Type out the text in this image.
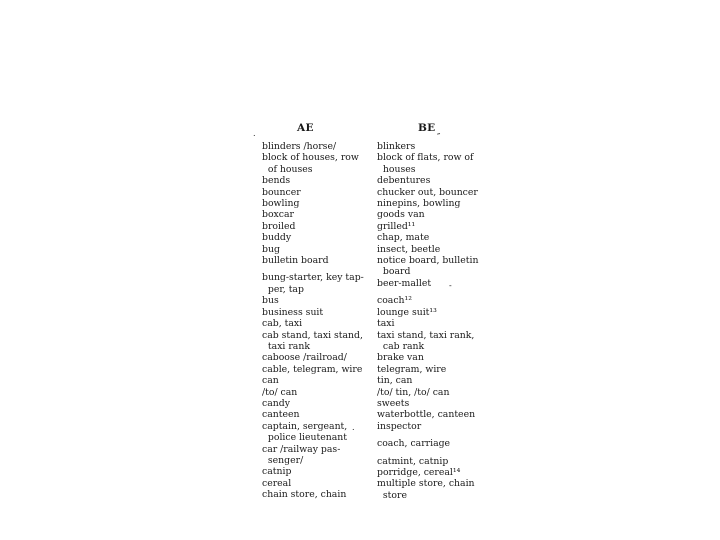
AE	BE
″
.
-
.
blinders /horse/
block of houses, row
of houses
bends
bouncer
bowling
boxcar
broiled
buddy
bug
bulletin board
bung-starter, key tap-
per, tap
bus
business suit
cab, taxi
cab stand, taxi stand,
taxi rank
caboose /railroad/
cable, telegram, wire
can
/to/ can
candy
canteen
captain, sergeant,
police lieutenant
car /railway pas-
senger/
catnip
cereal
chain store, chain
blinkers
block of flats, row of
houses
debentures
chucker out, bouncer
ninepins, bowling
goods van
grilled¹¹
chap, mate
insect, beetle
notice board, bulletin
board
beer-mallet
coach¹²
lounge suit¹³
taxi
taxi stand, taxi rank,
cab rank
brake van
telegram, wire
tin, can
/to/ tin, /to/ can
sweets
waterbottle, canteen
inspector
coach, carriage
catmint, catnip
porridge, cereal¹⁴
multiple store, chain
store
